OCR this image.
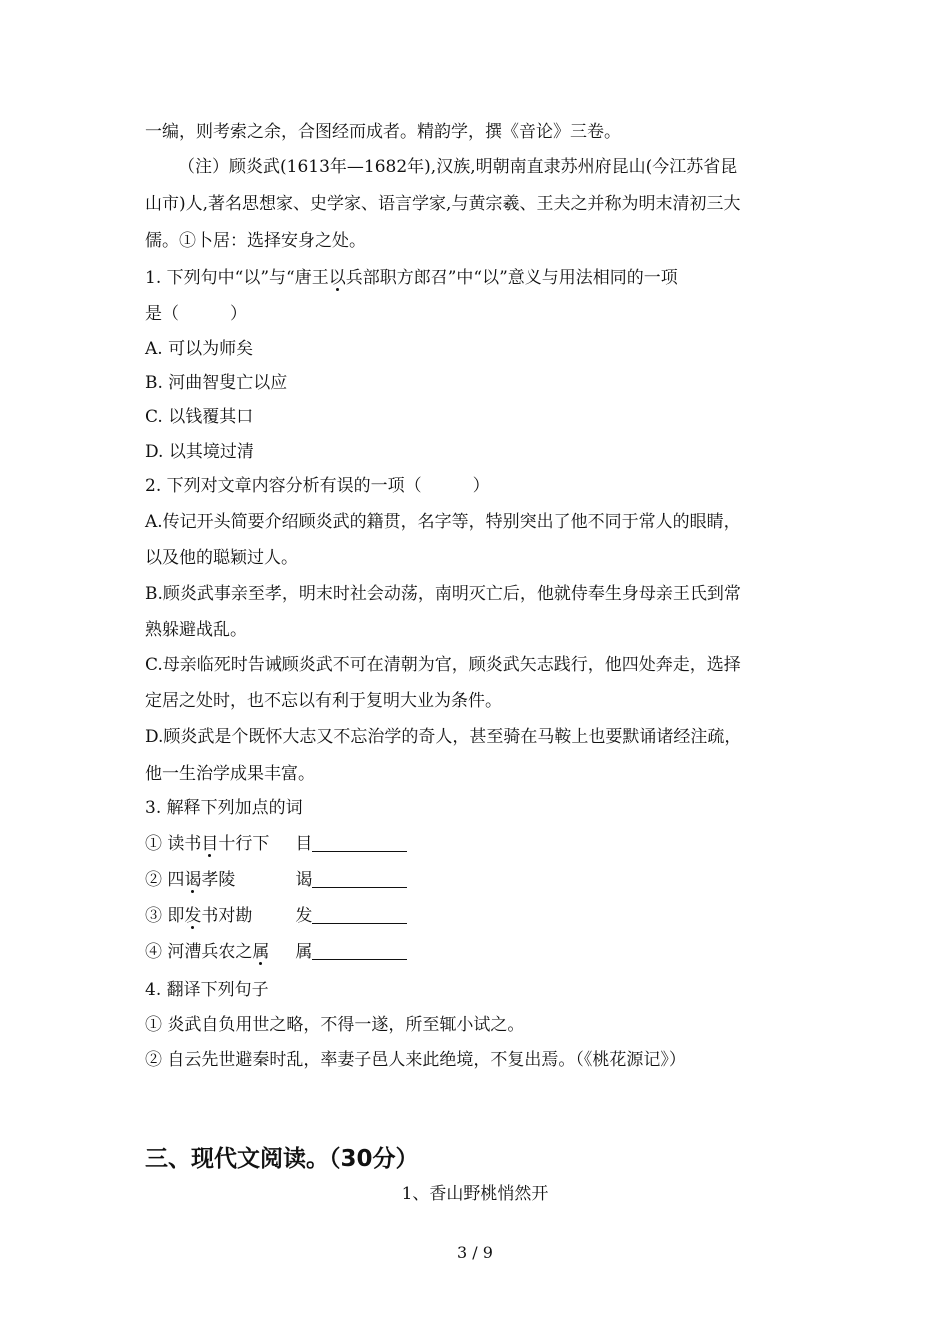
一编，则考索之余，合图经而成者。精韵学，撰《音论》三卷。
（注）顾炎武(1613年—1682年),汉族,明朝南直隶苏州府昆山(今江苏省昆
山市)人,著名思想家、史学家、语言学家,与黄宗羲、王夫之并称为明末清初三大
儒。①卜居：选择安身之处。
1. 下列句中“以”与“唐王以兵部职方郎召”中“以”意义与用法相同的一项
是（　　　）
A. 可以为师矣
B. 河曲智叟亡以应
C. 以钱覆其口
D. 以其境过清
2. 下列对文章内容分析有误的一项（　　　）
A.传记开头简要介绍顾炎武的籍贯，名字等，特别突出了他不同于常人的眼睛，
以及他的聪颖过人。
B.顾炎武事亲至孝，明末时社会动荡，南明灭亡后，他就侍奉生身母亲王氏到常
熟躲避战乱。
C.母亲临死时告诫顾炎武不可在清朝为官，顾炎武矢志践行，他四处奔走，选择
定居之处时，也不忘以有利于复明大业为条件。
D.顾炎武是个既怀大志又不忘治学的奇人，甚至骑在马鞍上也要默诵诸经注疏，
他一生治学成果丰富。
3. 解释下列加点的词
① 读书目十行下 目
② 四谒孝陵	谒
③ 即发书对勘	发
④ 河漕兵农之属 属
4. 翻译下列句子
① 炎武自负用世之略，不得一遂，所至辄小试之。
② 自云先世避秦时乱，率妻子邑人来此绝境，不复出焉。（《桃花源记》）
三、现代文阅读。（30分）
1、香山野桃悄然开
3 / 9
